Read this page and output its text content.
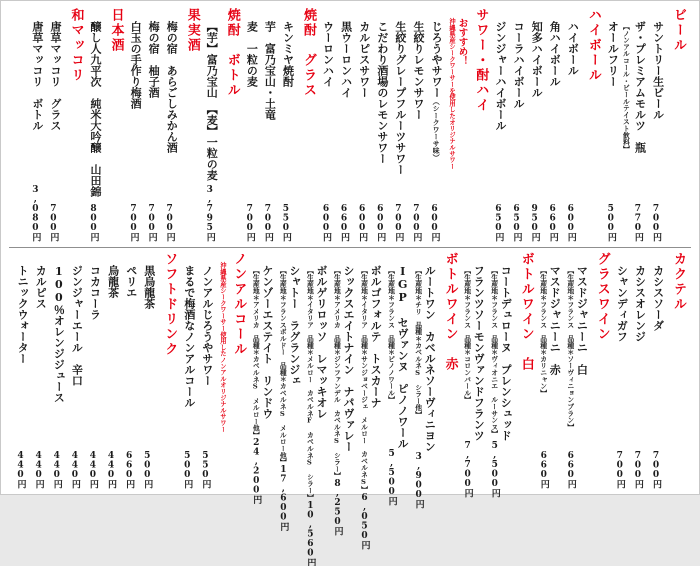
ビール
サントリー生ビール
700円
ザ・プレミアムモルツ　瓶
770円
【ノンアルコール・ビールテイスト飲料】
オールフリー
500円
ハイボール
ハイボール
600円
角ハイボール
660円
知多ハイボール
950円
コーラハイボール
650円
ジンジャーハイボール
650円
サワー・酎ハイ
おすすめ！
沖縄県産シークワーサーを使用したオリジナルサワー
じろうやサワー（シークワーサ味）
600円
生絞りレモンサワー
700円
生絞りグレープフルーツサワー
700円
こだわり酒場のレモンサワー
600円
カルピスサワー
600円
黒ウーロンハイ
660円
ウーロンハイ
600円
焼酎　グラス
キンミヤ焼酎
550円
芋　富乃宝山・土竜
700円
麦　一粒の麦
700円
焼酎　ボトル
【芋】富乃宝山　【麦】一粒の麦
3,795円
果実酒
梅の宿　あらごしみかん酒
700円
梅の宿　柚子酒
700円
白玉の手作り梅酒
700円
日本酒
醸し人九平次　純米大吟醸　山田錦
800円
和マッコリ
唐草マッコリ　グラス
700円
唐草マッコリ　ボトル
3,080円
カクテル
カシスソーダ
700円
カシスオレンジ
700円
シャンディガフ
700円
グラスワイン
マスドジャニーニ　白
【生産地＊フランス　品種＊ソーヴィニョンブラン】
660円
マスドジャニーニ　赤
【生産地＊フランス　品種＊カリニャン】
660円
ボトルワイン　白
コートデュローヌ　プレンシュッド
【生産地＊フランス　品種＊ヴィオニエ　ルーサンヌ】
5,500円
フランツソーモンヴァンドフランツ
【生産地＊フランス　品種＊コロンバール】
7,700円
ボトルワイン　赤
ルートワン　カベルネソーヴィニヨン
【生産地＊チリ　品種＊カベルネS　シラー他】
3,900円
IGP セヴァンヌ　ピノノワール
【生産地＊フランス　品種＊ピノノワール】
5,500円
ボルゴフォルテ　トスカーナ
【生産地＊イタリア　品種＊サンジョベージェ　メルロー　カベルネS】
6,050円
シックスエイトナイン　ナパヴァレー
【生産地＊アメリカ　品種＊ジンファンデル　カベルネS　シラー】
8,250円
ボルゲリロッソ　レマッキオレ
【生産地＊イタリア　品種＊メルロー　カベルネF　カベルネS　シラー】
10,560円
シャトー　ラグランジェ
【生産地＊フランスボルドー　品種＊カベルネS　メルロー他】
17,600円
ケンゾーエステイト　リンドウ
【生産地＊アメリカ　品種＊カベルネS　メルロー他】
24,200円
ノンアルコール
沖縄県産シークワーサー使用したノンアルオリジナルサワー
ノンアルじろうやサワー
550円
まるで梅酒なノンアルコール
500円
ソフトドリンク
黒烏龍茶
500円
ペリエ
660円
烏龍茶
440円
コカコーラ
440円
ジンジャーエール　辛口
440円
100％オレンジジュース
440円
カルピス
440円
トニックウォーター
440円
